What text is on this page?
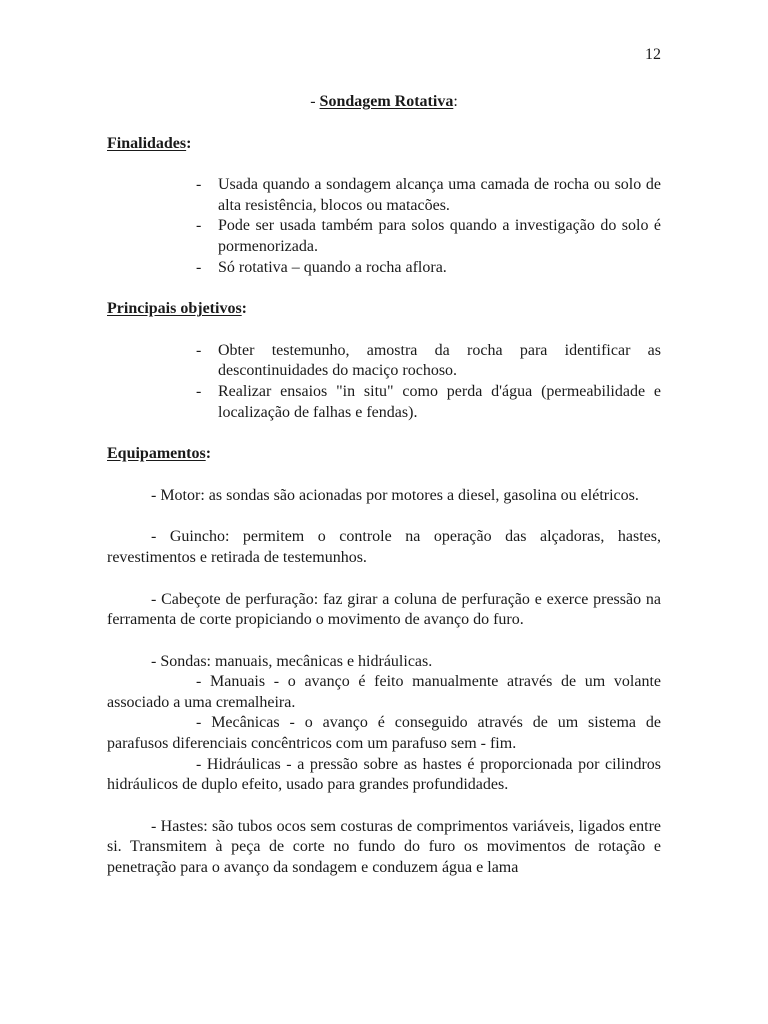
12
- Sondagem Rotativa:
Finalidades:
- Usada quando a sondagem alcança uma camada de rocha ou solo de alta resistência, blocos ou matacões.
- Pode ser usada também para solos quando a investigação do solo é pormenorizada.
- Só rotativa – quando a rocha aflora.
Principais objetivos:
- Obter testemunho, amostra da rocha para identificar as descontinuidades do maciço rochoso.
- Realizar ensaios "in situ" como perda d'água (permeabilidade e localização de falhas e fendas).
Equipamentos:

- Motor: as sondas são acionadas por motores a diesel, gasolina ou elétricos.

- Guincho: permitem o controle na operação das alçadoras, hastes, revestimentos e retirada de testemunhos.

- Cabeçote de perfuração: faz girar a coluna de perfuração e exerce pressão na ferramenta de corte propiciando o movimento de avanço do furo.

- Sondas: manuais, mecânicas e hidráulicas.

- Manuais - o avanço é feito manualmente através de um volante associado a uma cremalheira.

- Mecânicas - o avanço é conseguido através de um sistema de parafusos diferenciais concêntricos com um parafuso sem - fim.

- Hidráulicas - a pressão sobre as hastes é proporcionada por cilindros hidráulicos de duplo efeito, usado para grandes profundidades.

- Hastes: são tubos ocos sem costuras de comprimentos variáveis, ligados entre si. Transmitem à peça de corte no fundo do furo os movimentos de rotação e penetração para o avanço da sondagem e conduzem água e lama
